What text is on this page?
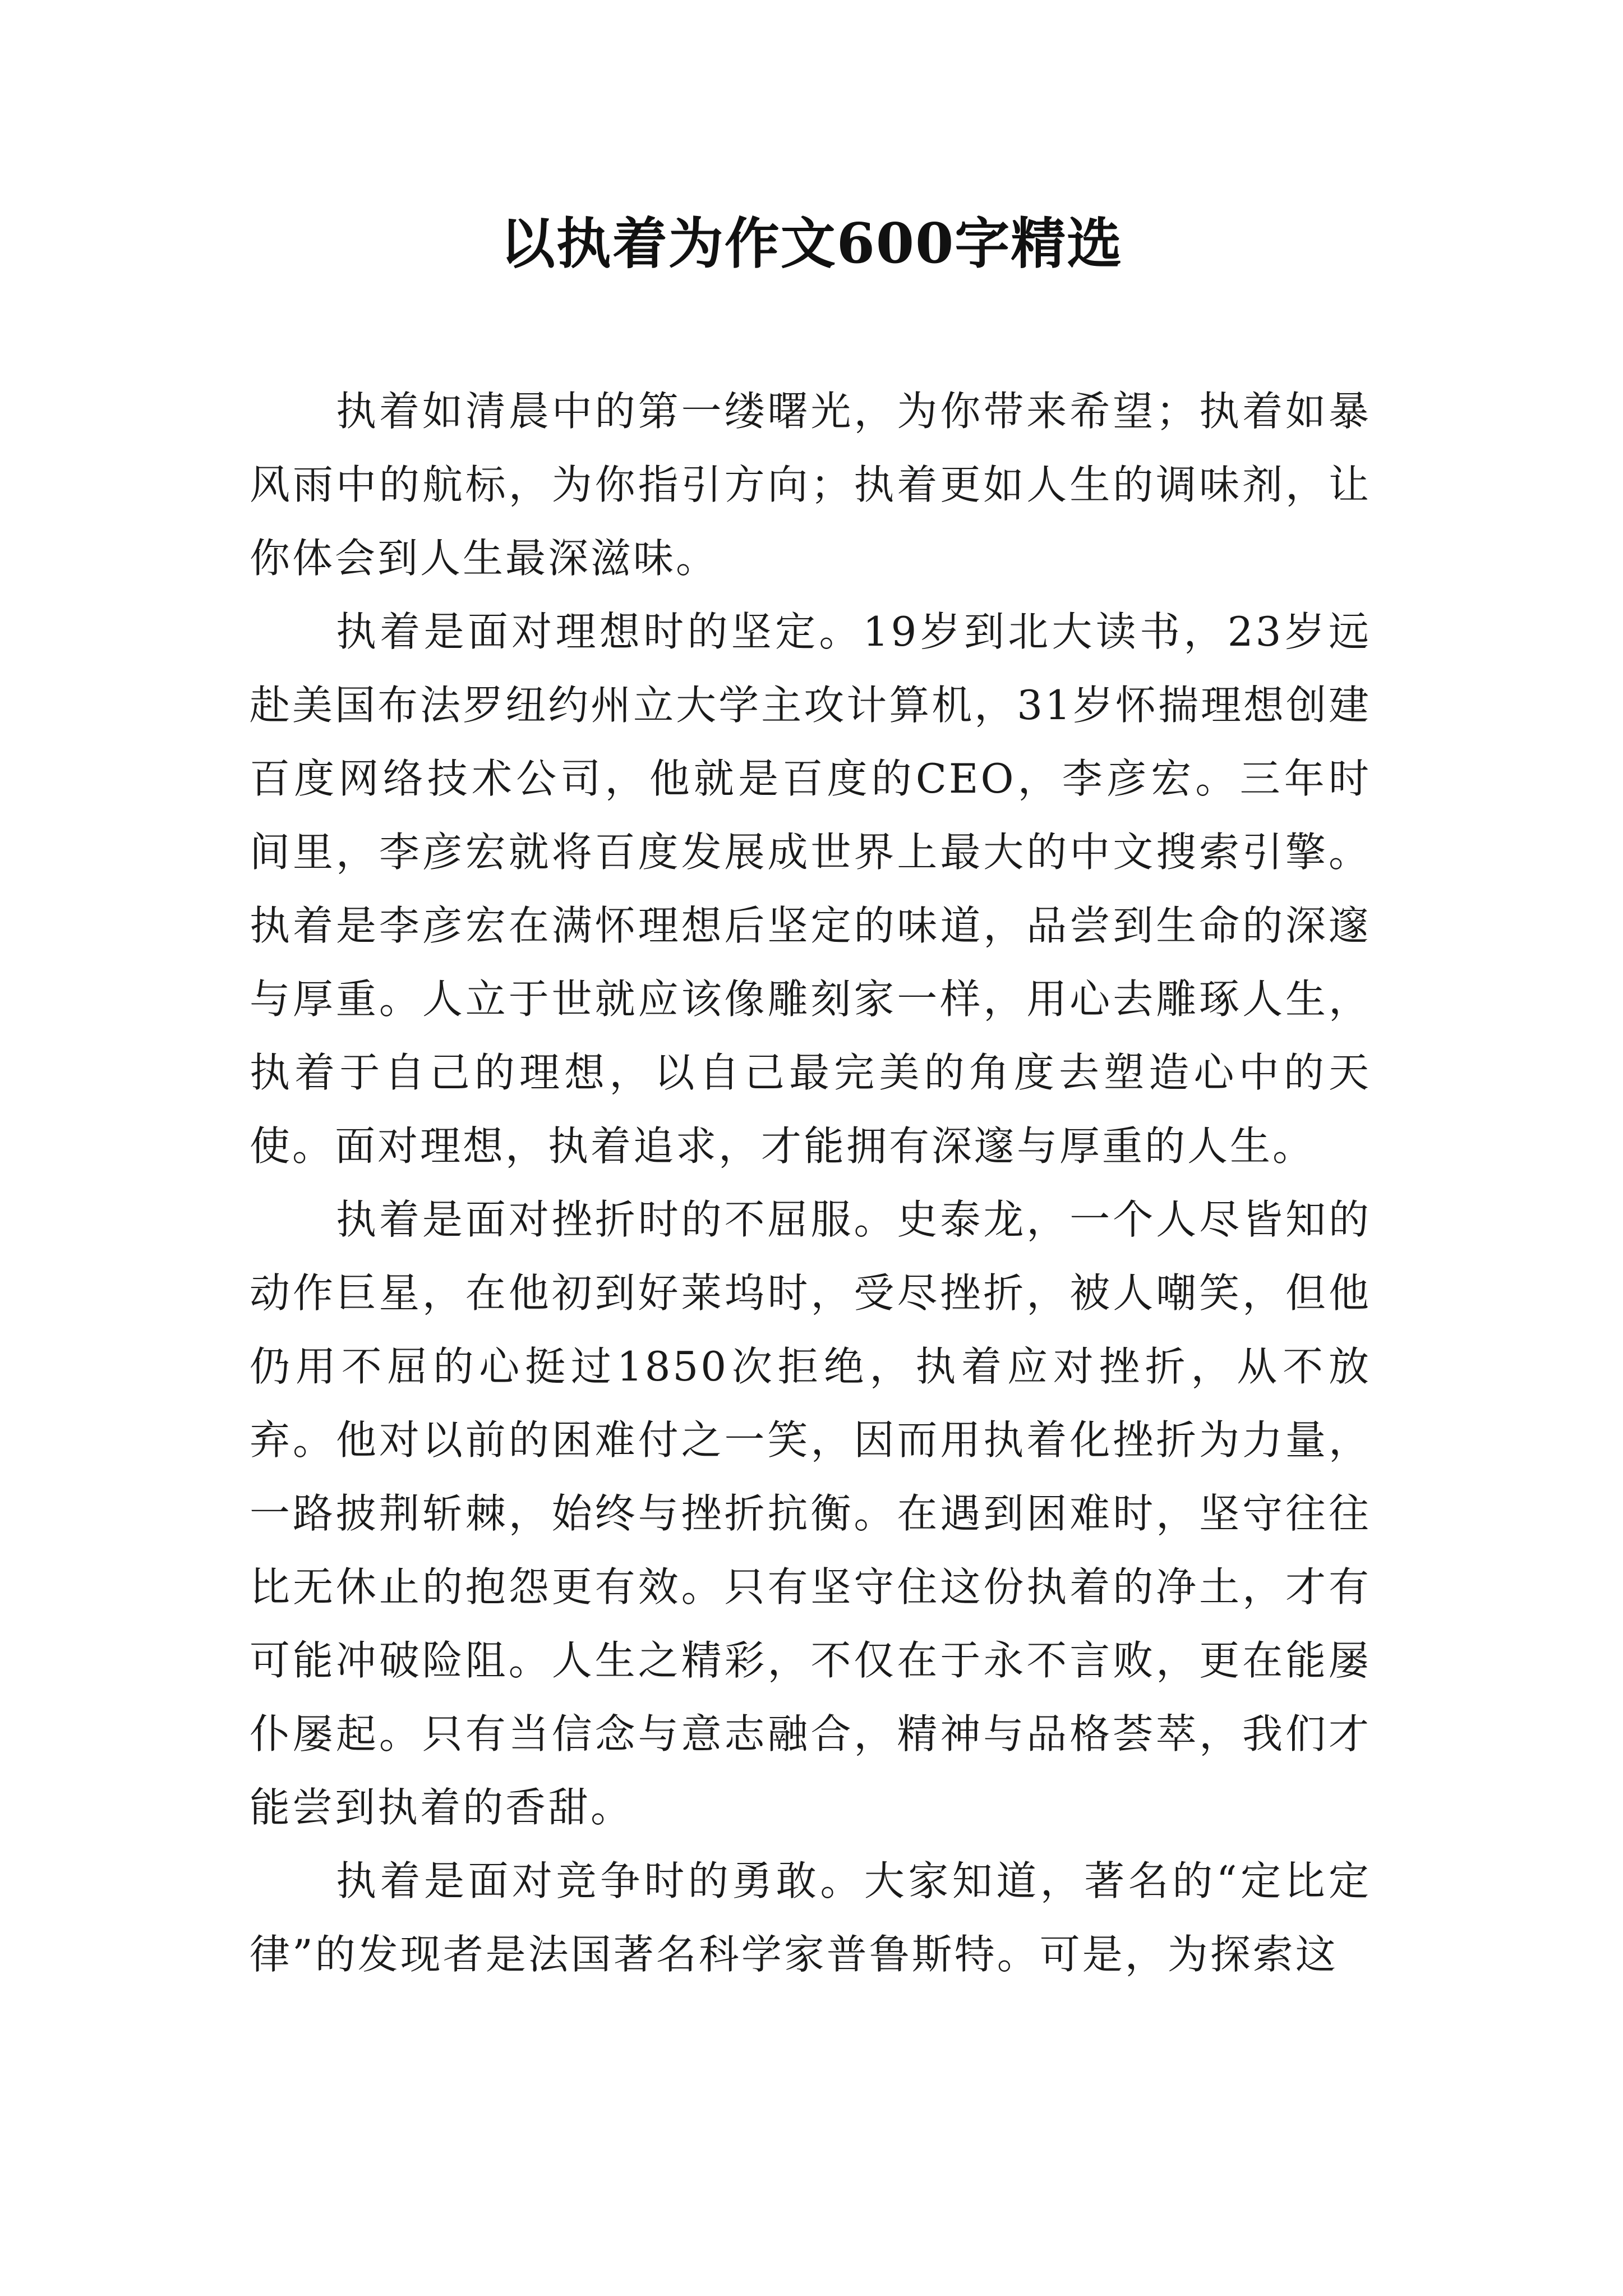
以执着为作文600字精选

执着如清晨中的第一缕曙光，为你带来希望；执着如暴风雨中的航标，为你指引方向；执着更如人生的调味剂，让你体会到人生最深滋味。

执着是面对理想时的坚定。19岁到北大读书，23岁远赴美国布法罗纽约州立大学主攻计算机，31岁怀揣理想创建百度网络技术公司，他就是百度的CEO，李彦宏。三年时间里，李彦宏就将百度发展成世界上最大的中文搜索引擎。执着是李彦宏在满怀理想后坚定的味道，品尝到生命的深邃与厚重。人立于世就应该像雕刻家一样，用心去雕琢人生，执着于自己的理想，以自己最完美的角度去塑造心中的天使。面对理想，执着追求，才能拥有深邃与厚重的人生。

执着是面对挫折时的不屈服。史泰龙，一个人尽皆知的动作巨星，在他初到好莱坞时，受尽挫折，被人嘲笑，但他仍用不屈的心挺过1850次拒绝，执着应对挫折，从不放弃。他对以前的困难付之一笑，因而用执着化挫折为力量，一路披荆斩棘，始终与挫折抗衡。在遇到困难时，坚守往往比无休止的抱怨更有效。只有坚守住这份执着的净土，才有可能冲破险阻。人生之精彩，不仅在于永不言败，更在能屡仆屡起。只有当信念与意志融合，精神与品格荟萃，我们才能尝到执着的香甜。

执着是面对竞争时的勇敢。大家知道，著名的“定比定律”的发现者是法国著名科学家普鲁斯特。可是，为探索这
